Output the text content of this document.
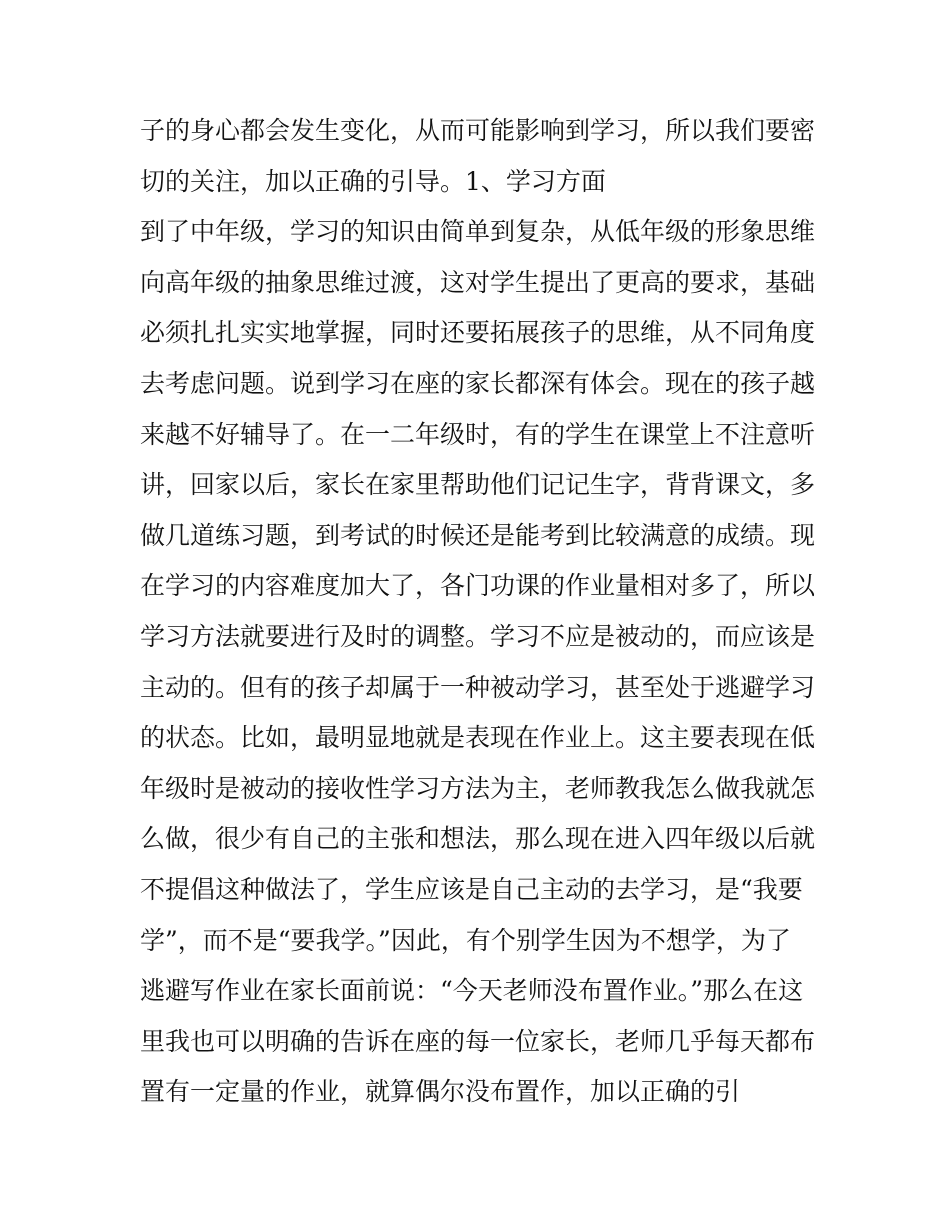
子的身心都会发生变化，从而可能影响到学习，所以我们要密
切的关注，加以正确的引导。1、学习方面
到了中年级，学习的知识由简单到复杂，从低年级的形象思维
向高年级的抽象思维过渡，这对学生提出了更高的要求，基础
必须扎扎实实地掌握，同时还要拓展孩子的思维，从不同角度
去考虑问题。说到学习在座的家长都深有体会。现在的孩子越
来越不好辅导了。在一二年级时，有的学生在课堂上不注意听
讲，回家以后，家长在家里帮助他们记记生字，背背课文，多
做几道练习题，到考试的时候还是能考到比较满意的成绩。现
在学习的内容难度加大了，各门功课的作业量相对多了，所以
学习方法就要进行及时的调整。学习不应是被动的，而应该是
主动的。但有的孩子却属于一种被动学习，甚至处于逃避学习
的状态。比如，最明显地就是表现在作业上。这主要表现在低
年级时是被动的接收性学习方法为主，老师教我怎么做我就怎
么做，很少有自己的主张和想法，那么现在进入四年级以后就
不提倡这种做法了，学生应该是自己主动的去学习，是“我要
学”，而不是“要我学。”因此，有个别学生因为不想学，为了
逃避写作业在家长面前说：“今天老师没布置作业。”那么在这
里我也可以明确的告诉在座的每一位家长，老师几乎每天都布
置有一定量的作业，就算偶尔没布置作，加以正确的引
